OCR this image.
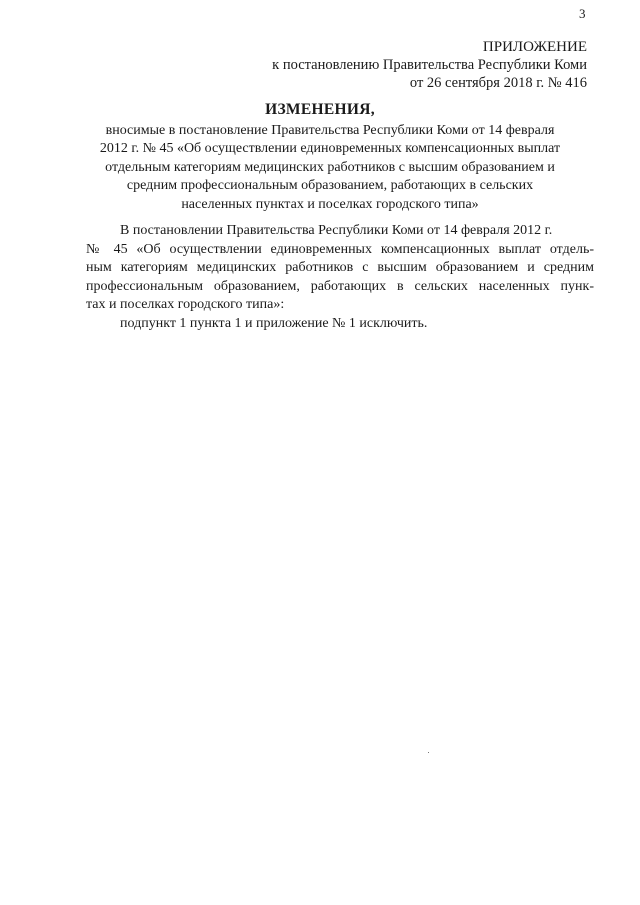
3
ПРИЛОЖЕНИЕ
к постановлению Правительства Республики Коми
от 26 сентября 2018 г. № 416
ИЗМЕНЕНИЯ,
вносимые в постановление Правительства Республики Коми от 14 февраля
2012 г. № 45 «Об осуществлении единовременных компенсационных выплат
отдельным категориям медицинских работников с высшим образованием и
средним профессиональным образованием, работающих в сельских
населенных пунктах и поселках городского типа»
В постановлении Правительства Республики Коми от 14 февраля 2012 г.
№ 45 «Об осуществлении единовременных компенсационных выплат отдель-
ным категориям медицинских работников с высшим образованием и средним
профессиональным образованием, работающих в сельских населенных пунк-
тах и поселках городского типа»:
подпункт 1 пункта 1 и приложение № 1 исключить.
